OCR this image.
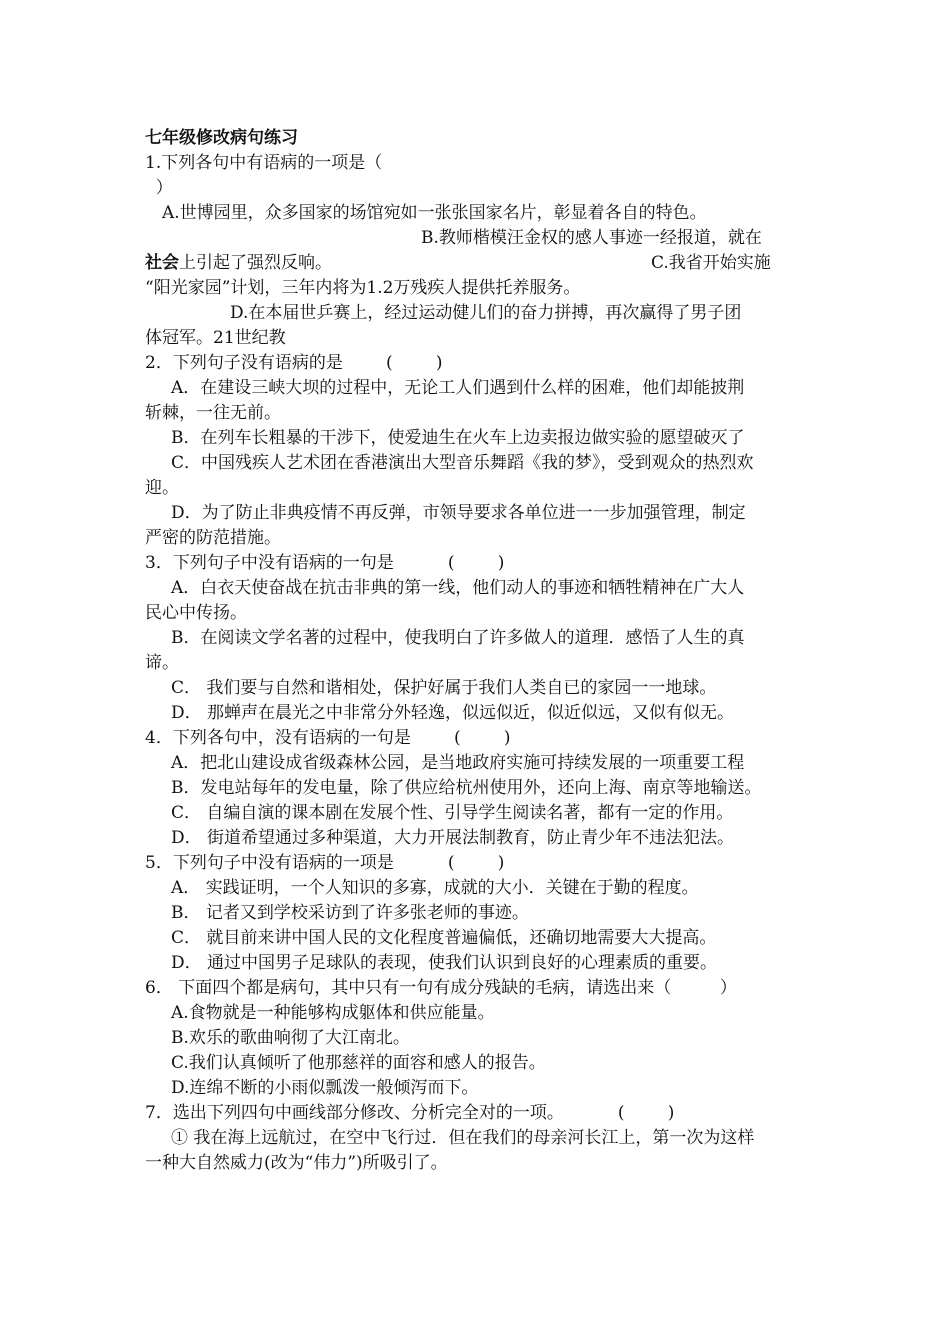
七年级修改病句练习
1.下列各句中有语病的一项是（
）
A.世博园里，众多国家的场馆宛如一张张国家名片，彰显着各自的特色。
B.教师楷模汪金权的感人事迹一经报道，就在
社会上引起了强烈反响。	C.我省开始实施
“阳光家园”计划，三年内将为1.2万残疾人提供托养服务。
D.在本届世乒赛上，经过运动健儿们的奋力拼搏，再次赢得了男子团
体冠军。21世纪教
2．下列句子没有语病的是        (        )
A．在建设三峡大坝的过程中，无论工人们遇到什么样的困难，他们却能披荆
斩棘，一往无前。
B．在列车长粗暴的干涉下，使爱迪生在火车上边卖报边做实验的愿望破灭了
C．中国残疾人艺术团在香港演出大型音乐舞蹈《我的梦》，受到观众的热烈欢
迎。
D．为了防止非典疫情不再反弹，市领导要求各单位进一一步加强管理，制定
严密的防范措施。
3．下列句子中没有语病的一句是          (        )
A．白衣天使奋战在抗击非典的第一线，他们动人的事迹和牺牲精神在广大人
民心中传扬。
B．在阅读文学名著的过程中，使我明白了许多做人的道理．感悟了人生的真
谛。
C． 我们要与自然和谐相处，保护好属于我们人类自已的家园一一地球。
D． 那蝉声在晨光之中非常分外轻逸，似远似近，似近似远，又似有似无。
4．下列各句中，没有语病的一句是        (        )
A．把北山建设成省级森林公园，是当地政府实施可持续发展的一项重要工程
B．发电站每年的发电量，除了供应给杭州使用外，还向上海、南京等地输送。
C． 自编自演的课本剧在发展个性、引导学生阅读名著，都有一定的作用。
D． 街道希望通过多种渠道，大力开展法制教育，防止青少年不违法犯法。
5．下列句子中没有语病的一项是          (        )
A． 实践证明，一个人知识的多寡，成就的大小．关键在于勤的程度。
B． 记者又到学校采访到了许多张老师的事迹。
C． 就目前来讲中国人民的文化程度普遍偏低，还确切地需要大大提高。
D． 通过中国男子足球队的表现，使我们认识到良好的心理素质的重要。
6． 下面四个都是病句，其中只有一句有成分残缺的毛病，请选出来（         ）
A.食物就是一种能够构成躯体和供应能量。
B.欢乐的歌曲响彻了大江南北。
C.我们认真倾听了他那慈祥的面容和感人的报告。
D.连绵不断的小雨似瓢泼一般倾泻而下。
7．选出下列四句中画线部分修改、分析完全对的一项。          (        )
① 我在海上远航过，在空中飞行过．但在我们的母亲河长江上，第一次为这样
一种大自然威力(改为“伟力”)所吸引了。
